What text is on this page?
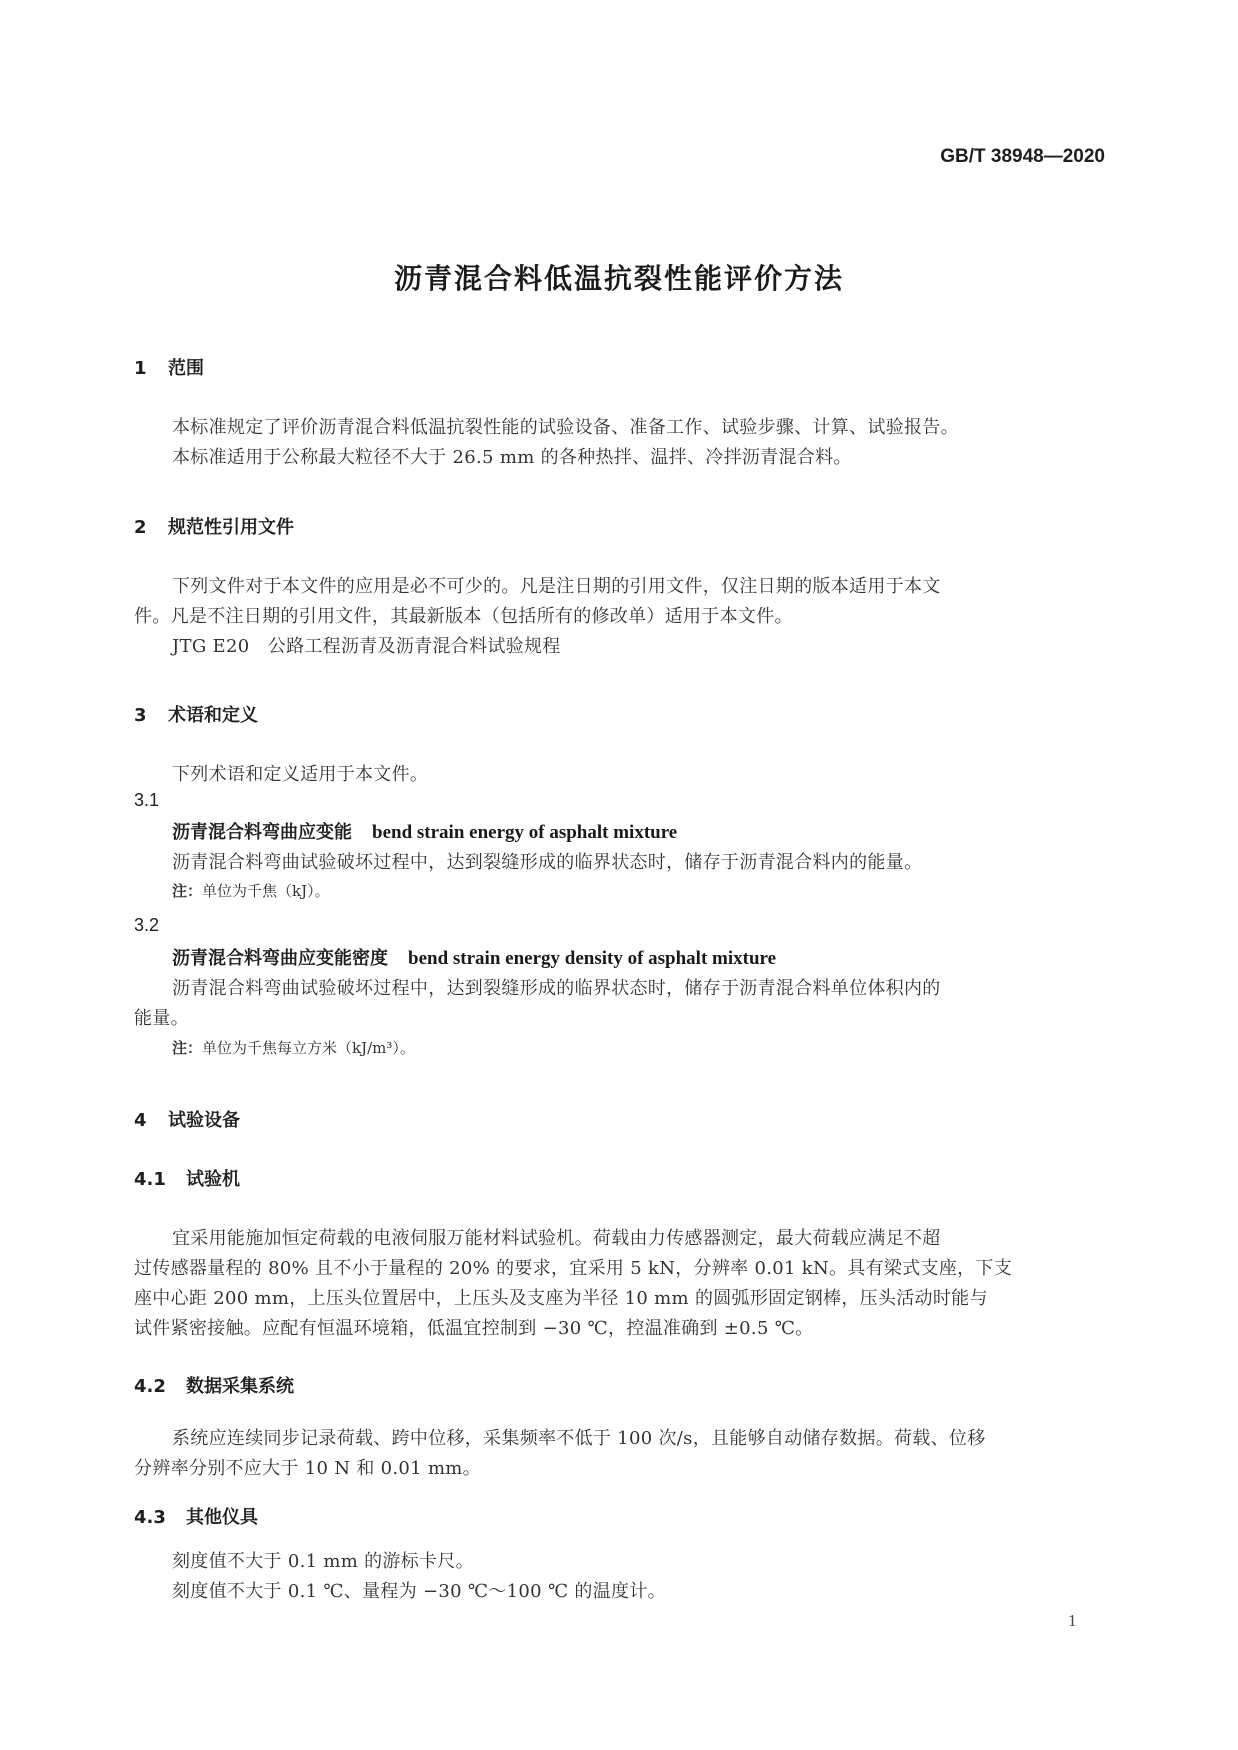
GB/T 38948—2020
沥青混合料低温抗裂性能评价方法
1 范围
本标准规定了评价沥青混合料低温抗裂性能的试验设备、准备工作、试验步骤、计算、试验报告。
本标准适用于公称最大粒径不大于 26.5 mm 的各种热拌、温拌、冷拌沥青混合料。
2 规范性引用文件
下列文件对于本文件的应用是必不可少的。凡是注日期的引用文件，仅注日期的版本适用于本文
件。凡是不注日期的引用文件，其最新版本（包括所有的修改单）适用于本文件。
JTG E20　公路工程沥青及沥青混合料试验规程
3 术语和定义
下列术语和定义适用于本文件。
3.1
沥青混合料弯曲应变能 bend strain energy of asphalt mixture
沥青混合料弯曲试验破坏过程中，达到裂缝形成的临界状态时，储存于沥青混合料内的能量。
注：单位为千焦（kJ）。
3.2
沥青混合料弯曲应变能密度 bend strain energy density of asphalt mixture
沥青混合料弯曲试验破坏过程中，达到裂缝形成的临界状态时，储存于沥青混合料单位体积内的
能量。
注：单位为千焦每立方米（kJ/m³）。
4 试验设备
4.1 试验机
宜采用能施加恒定荷载的电液伺服万能材料试验机。荷载由力传感器测定，最大荷载应满足不超
过传感器量程的 80% 且不小于量程的 20% 的要求，宜采用 5 kN，分辨率 0.01 kN。具有梁式支座，下支
座中心距 200 mm，上压头位置居中，上压头及支座为半径 10 mm 的圆弧形固定钢棒，压头活动时能与
试件紧密接触。应配有恒温环境箱，低温宜控制到 −30 ℃，控温准确到 ±0.5 ℃。
4.2 数据采集系统
系统应连续同步记录荷载、跨中位移，采集频率不低于 100 次/s，且能够自动储存数据。荷载、位移
分辨率分别不应大于 10 N 和 0.01 mm。
4.3 其他仪具
刻度值不大于 0.1 mm 的游标卡尺。
刻度值不大于 0.1 ℃、量程为 −30 ℃～100 ℃ 的温度计。
1
